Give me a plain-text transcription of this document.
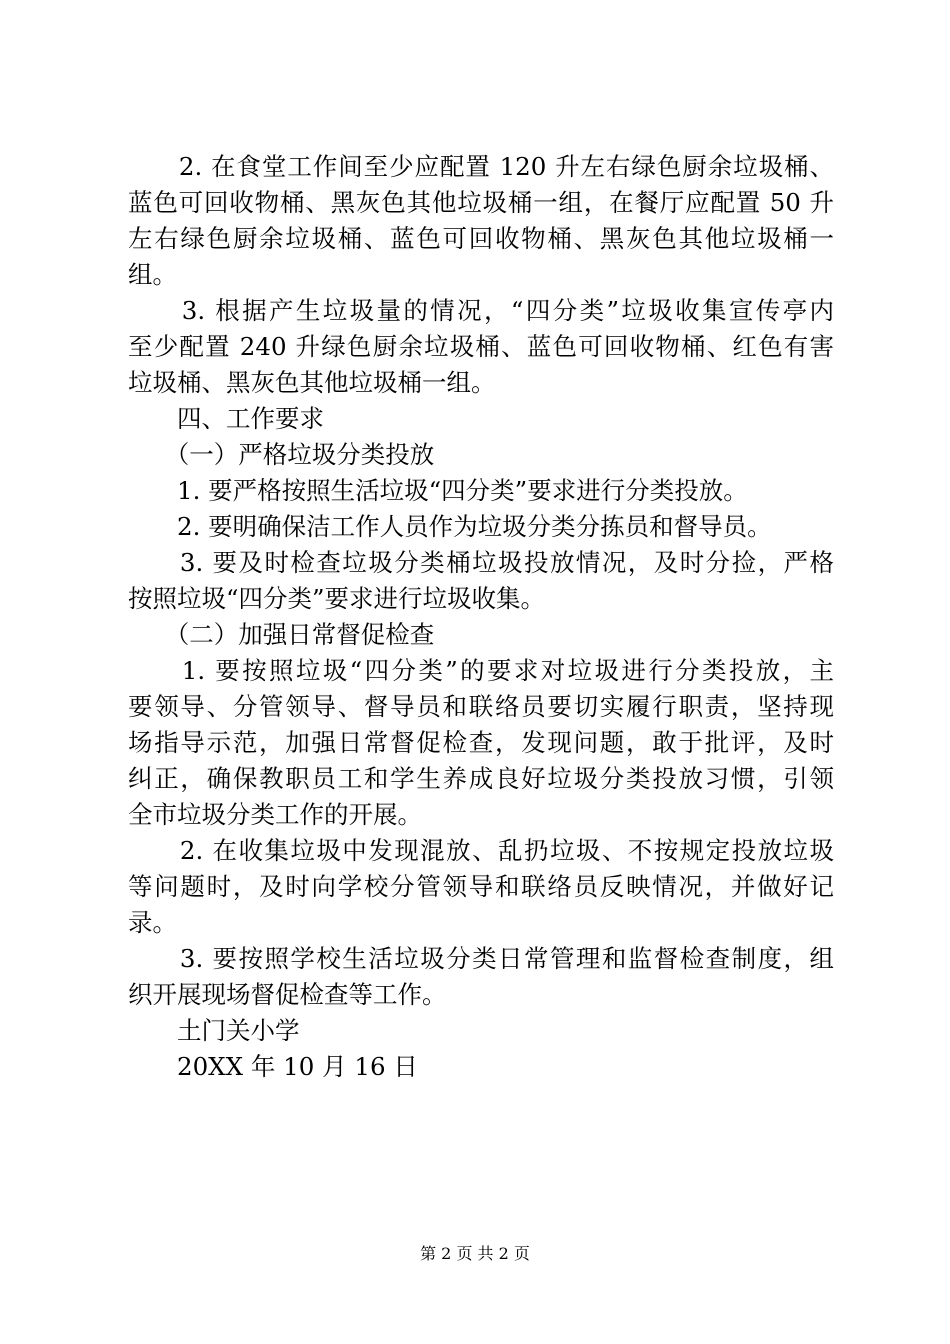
　　2. 在食堂工作间至少应配置 120 升左右绿色厨余垃圾桶、
蓝色可回收物桶、黑灰色其他垃圾桶一组，在餐厅应配置 50 升
左右绿色厨余垃圾桶、蓝色可回收物桶、黑灰色其他垃圾桶一
组。
　　3. 根据产生垃圾量的情况，“四分类”垃圾收集宣传亭内
至少配置 240 升绿色厨余垃圾桶、蓝色可回收物桶、红色有害
垃圾桶、黑灰色其他垃圾桶一组。
　　四、工作要求
　　（一）严格垃圾分类投放
　　1. 要严格按照生活垃圾“四分类”要求进行分类投放。
　　2. 要明确保洁工作人员作为垃圾分类分拣员和督导员。
　　3. 要及时检查垃圾分类桶垃圾投放情况，及时分捡，严格
按照垃圾“四分类”要求进行垃圾收集。
　　（二）加强日常督促检查
　　1. 要按照垃圾“四分类”的要求对垃圾进行分类投放，主
要领导、分管领导、督导员和联络员要切实履行职责，坚持现
场指导示范，加强日常督促检查，发现问题，敢于批评，及时
纠正，确保教职员工和学生养成良好垃圾分类投放习惯，引领
全市垃圾分类工作的开展。
　　2. 在收集垃圾中发现混放、乱扔垃圾、不按规定投放垃圾
等问题时，及时向学校分管领导和联络员反映情况，并做好记
录。
　　3. 要按照学校生活垃圾分类日常管理和监督检查制度，组
织开展现场督促检查等工作。
　　土门关小学
　　20XX 年 10 月 16 日
第 2 页 共 2 页
